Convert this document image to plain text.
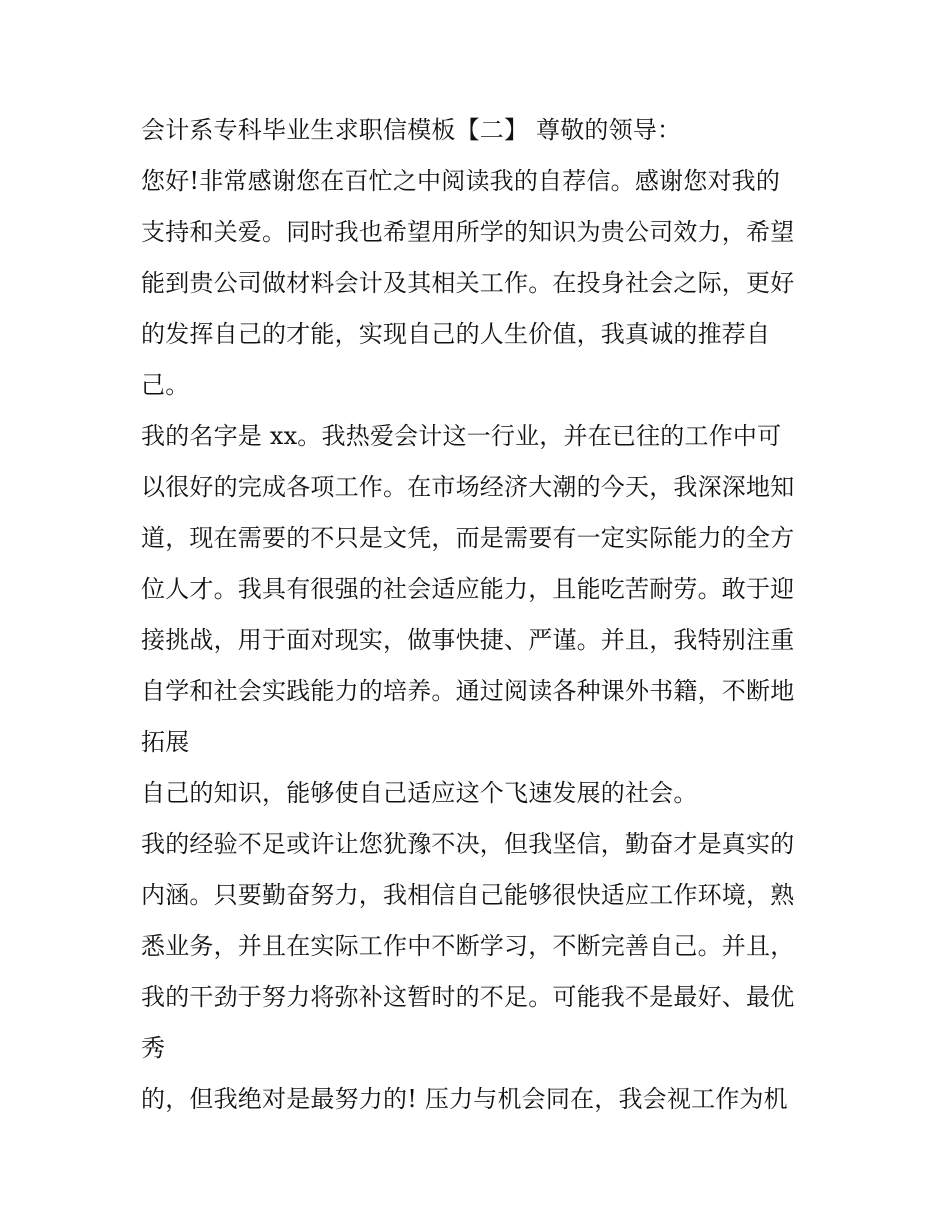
会计系专科毕业生求职信模板【二】 尊敬的领导：
您好!非常感谢您在百忙之中阅读我的自荐信。感谢您对我的
支持和关爱。同时我也希望用所学的知识为贵公司效力，希望
能到贵公司做材料会计及其相关工作。在投身社会之际，更好
的发挥自己的才能，实现自己的人生价值，我真诚的推荐自
己。
我的名字是 xx。我热爱会计这一行业，并在已往的工作中可
以很好的完成各项工作。在市场经济大潮的今天，我深深地知
道，现在需要的不只是文凭，而是需要有一定实际能力的全方
位人才。我具有很强的社会适应能力，且能吃苦耐劳。敢于迎
接挑战，用于面对现实，做事快捷、严谨。并且，我特别注重
自学和社会实践能力的培养。通过阅读各种课外书籍，不断地
拓展
自己的知识，能够使自己适应这个飞速发展的社会。
我的经验不足或许让您犹豫不决，但我坚信，勤奋才是真实的
内涵。只要勤奋努力，我相信自己能够很快适应工作环境，熟
悉业务，并且在实际工作中不断学习，不断完善自己。并且，
我的干劲于努力将弥补这暂时的不足。可能我不是最好、最优
秀
的，但我绝对是最努力的! 压力与机会同在，我会视工作为机
